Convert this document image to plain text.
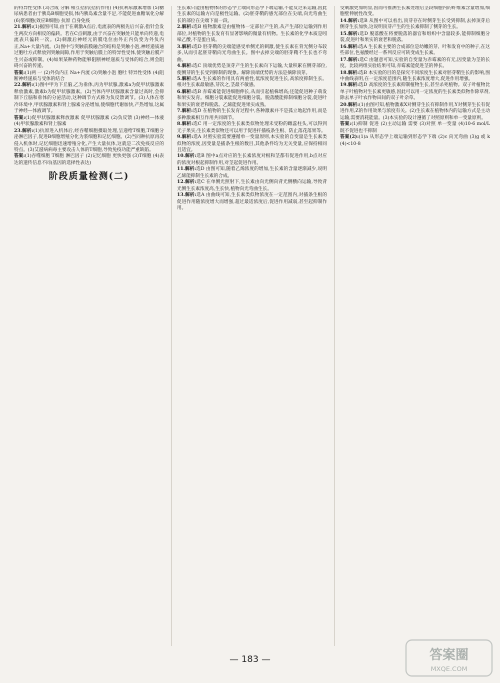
的特异性受体 (3)合成 分解 相互拮抗(拮抗作用) (4)抗利尿激素增加 (5)糖尿病患者由于胰岛B细胞受损,体内胰岛素含量不足,不能促进血糖氧化分解 (6)浆细胞(效应B细胞) 抗原 自身免疫

21.解析:(1)据图可知,由于在刺激A点后,电流表的两极先后兴奋,指针会发生两次方向相反的偏转。若在C点刺激,由于兴奋在突触处只能单向传递,电流表只偏转一次。(2)刺激后神经元的膜电位由外正内负变为外负内正,Na+大量内流。(3)图中与突触前膜融合的结构是突触小泡,神经递质通过胞吐方式释放到突触间隙,作用于突触后膜上的特异性受体,使突触后膜产生兴奋或抑制。(4)如果某种药物能够阻断神经递质与受体的结合,则会阻碍兴奋的传递。

答案:(1)两 一 (2)外负内正 Na+内流 (3)突触小泡 胞吐 特异性受体 (4)阻断神经递质与受体的结合

22.解析:(1)图中甲为下丘脑,乙为垂体,丙为甲状腺,激素a为促甲状腺激素释放激素,激素b为促甲状腺激素。(2)当体内甲状腺激素含量过高时,会抑制下丘脑和垂体的分泌活动,这种调节方式称为负反馈调节。(3)人体在寒冷环境中,甲状腺激素和肾上腺素分泌增加,使细胞代谢加快,产热增加,这属于神经—体液调节。

答案:(1)促甲状腺激素释放激素 促甲状腺激素 (2)负反馈 (3)神经—体液 (4)甲状腺激素和肾上腺素

23.解析:(1)抗原进入机体后,经吞噬细胞摄取处理,呈递给T细胞,T细胞分泌淋巴因子,促进B细胞增殖分化为浆细胞和记忆细胞。(2)当同种抗原再次侵入机体时,记忆细胞迅速增殖分化,产生大量抗体,这就是二次免疫反应的特点。(3)艾滋病病毒主要攻击人体的T细胞,导致免疫功能严重缺陷。

答案:(1)吞噬细胞 T细胞 淋巴因子 (2)记忆细胞 更快更强 (3)T细胞 (4)表达的遗传信息不同(基因的选择性表达)

阶段质量检测(二)

生长素只能由植物体的形态学上端向形态学下端运输,不能反过来运输,因此生长素的运输方向是极性运输。(2)胚芽鞘的感光部位在尖端,向光弯曲生长的部位在尖端下面一段。

2.解析:选B 植物激素是由植物体一定部位产生的,从产生部位运输到作用部位,对植物的生长发育有显著影响的微量有机物。生长素的化学本质是吲哚乙酸,不是蛋白质。

3.解析:选D 胚芽鞘的尖端能感受单侧光的刺激,使生长素在背光侧分布较多,从而引起胚芽鞘向光弯曲生长。图中去掉尖端的胚芽鞘不生长也不弯曲。

4.解析:选C 顶端优势是顶芽产生的生长素向下运输,大量积累在侧芽部位,使侧芽的生长受到抑制的现象。解除顶端优势的方法是摘除顶芽。

5.解析:选A 生长素的作用具有两重性,低浓度促进生长,高浓度抑制生长。根对生长素最敏感,芽次之,茎最不敏感。

6.解析:选B 赤霉素能促进细胞伸长,从而引起植株增高;还能促进种子萌发和果实发育。细胞分裂素能促进细胞分裂。脱落酸能抑制细胞分裂,促进叶和果实的衰老和脱落。乙烯能促进果实成熟。

7.解析:选D 在植物的生长发育过程中,各种激素并不是孤立地起作用,而是多种激素相互作用共同调节。

8.解析:选C 用一定浓度的生长素类似物处理未受粉的雌蕊柱头,可以得到无子果实;生长素类似物还可以用于促进扦插枝条生根、防止落花落果等。

9.解析:选A 对照实验需要遵循单一变量原则,本实验的自变量是生长素类似物的浓度,因变量是插条生根的数目,其他条件均为无关变量,应保持相同且适宜。

10.解析:选B 图中a点对应的生长素浓度对根和茎都有促进作用,b点对应的浓度对根起抑制作用,对茎起促进作用。

11.解析:选D 由图可知,随着乙烯浓度的增加,生长素的含量逐渐减少,说明乙烯能抑制生长素的合成。

12.解析:选C 在单侧光照射下,生长素由向光侧向背光侧横向运输,导致背光侧生长素浓度高,生长快,植物向光弯曲生长。

13.解析:选A 由曲线可知,生长素类似物浓度在一定范围内,对插条生根的促进作用随浓度增大而增强,超过最适浓度后,促进作用减弱,甚至起抑制作用。

受刺激更加明显,因而可推测生长素处理后茎段细胞内的纤维素含量增加,细胞壁伸展性改变。

14.解析:选B 从图中可以看出,顶芽存在时侧芽生长受到抑制,去掉顶芽后侧芽生长加快,这说明顶芽产生的生长素抑制了侧芽的生长。

15.解析:选D 脱落酸在将要脱落的器官和组织中含量较多,能抑制细胞分裂,促进叶和果实的衰老和脱落。

16.解析:选A 生长素主要的合成部位是幼嫩的芽、叶和发育中的种子,在这些部位,色氨酸经过一系列反应可转变成生长素。

17.解析:选C 由题意可知,实验的自变量为赤霉素的有无,因变量为茎的长度。比较两组实验结果可知,赤霉素能促进茎的伸长。

18.解析:选B 本实验的目的是探究不同浓度生长素对胚芽鞘生长的影响,图中曲线表明,在一定浓度范围内,随生长素浓度增大,促进作用增强。

19.解析:选D 高浓度的生长素抑制植物生长,甚至杀死植物。双子叶植物比单子叶植物对生长素更敏感,因此可以用一定浓度的生长素类似物作除草剂,除去单子叶农作物田间的双子叶杂草。

20.解析:(1)由图可知,植物激素X对侧芽生长有抑制作用,Y对侧芽生长有促进作用,Z的作用效果与浓度有关。(2)生长素在植物体内的运输方式是主动运输,需要消耗能量。(3)本实验的设计遵循了对照原则和单一变量原则。

答案:(1)抑制 促进 (2)主动运输 需要 (3)对照 单一变量 (4)10-6 mol/L 既不促进也不抑制

答案(2):(1)a 从形态学上端运输到形态学下端 (2)c 向光弯曲 (3)g 或 k (4)<10-8

— 183 —	答案圈
MXQE.COM
